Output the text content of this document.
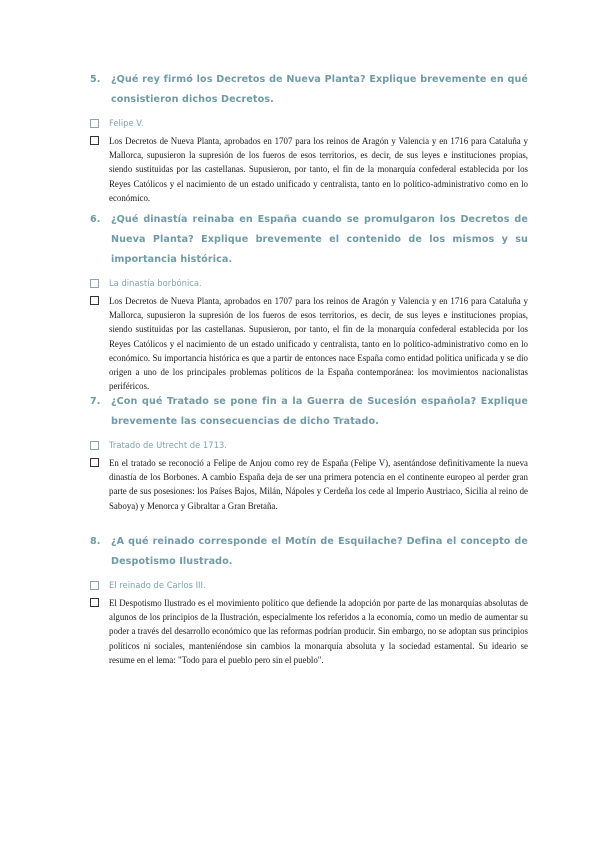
5.	¿Qué rey firmó los Decretos de Nueva Planta? Explique brevemente en qué consistieron dichos Decretos.
Felipe V.
Los Decretos de Nueva Planta, aprobados en 1707 para los reinos de Aragón y Valencia y en 1716 para Cataluña y Mallorca, supusieron la supresión de los fueros de esos territorios, es decir, de sus leyes e instituciones propias, siendo sustituidas por las castellanas. Supusieron, por tanto, el fin de la monarquía confederal establecida por los Reyes Católicos y el nacimiento de un estado unificado y centralista, tanto en lo político-administrativo como en lo económico.
6.	¿Qué dinastía reinaba en España cuando se promulgaron los Decretos de Nueva Planta? Explique brevemente el contenido de los mismos y su importancia histórica.
La dinastía borbónica.
Los Decretos de Nueva Planta, aprobados en 1707 para los reinos de Aragón y Valencia y en 1716 para Cataluña y Mallorca, supusieron la supresión de los fueros de esos territorios, es decir, de sus leyes e instituciones propias, siendo sustituidas por las castellanas. Supusieron, por tanto, el fin de la monarquía confederal establecida por los Reyes Católicos y el nacimiento de un estado unificado y centralista, tanto en lo político-administrativo como en lo económico. Su importancia histórica es que a partir de entonces nace España como entidad política unificada y se dio origen a uno de los principales problemas políticos de la España contemporánea: los movimientos nacionalistas periféricos.
7.	¿Con qué Tratado se pone fin a la Guerra de Sucesión española? Explique brevemente las consecuencias de dicho Tratado.
Tratado de Utrecht de 1713.
En el tratado se reconoció a Felipe de Anjou como rey de España (Felipe V), asentándose definitivamente la nueva dinastía de los Borbones. A cambio España deja de ser una primera potencia en el continente europeo al perder gran parte de sus posesiones: los Países Bajos, Milán, Nápoles y Cerdeña los cede al Imperio Austriaco, Sicilia al reino de Saboya) y Menorca y Gibraltar a Gran Bretaña.
8.	¿A qué reinado corresponde el Motín de Esquilache? Defina el concepto de Despotismo Ilustrado.
El reinado de Carlos III.
El Despotismo Ilustrado es el movimiento político que defiende la adopción por parte de las monarquías absolutas de algunos de los principios de la Ilustración, especialmente los referidos a la economía, como un medio de aumentar su poder a través del desarrollo económico que las reformas podrían producir. Sin embargo, no se adoptan sus principios políticos ni sociales, manteniéndose sin cambios la monarquía absoluta y la sociedad estamental. Su ideario se resume en el lema: "Todo para el pueblo pero sin el pueblo".
